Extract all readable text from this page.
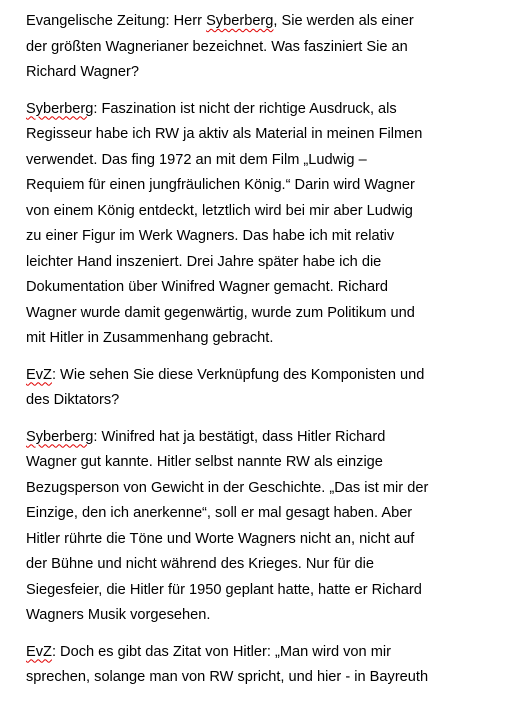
Evangelische Zeitung: Herr Syberberg, Sie werden als einer
der größten Wagnerianer bezeichnet. Was fasziniert Sie an
Richard Wagner?

Syberberg: Faszination ist nicht der richtige Ausdruck, als
Regisseur habe ich RW ja aktiv als Material in meinen Filmen
verwendet. Das fing 1972 an mit dem Film „Ludwig –
Requiem für einen jungfräulichen König.“ Darin wird Wagner
von einem König entdeckt, letztlich wird bei mir aber Ludwig
zu einer Figur im Werk Wagners. Das habe ich mit relativ
leichter Hand inszeniert. Drei Jahre später habe ich die
Dokumentation über Winifred Wagner gemacht. Richard
Wagner wurde damit gegenwärtig, wurde zum Politikum und
mit Hitler in Zusammenhang gebracht.

EvZ: Wie sehen Sie diese Verknüpfung des Komponisten und
des Diktators?

Syberberg: Winifred hat ja bestätigt, dass Hitler Richard
Wagner gut kannte. Hitler selbst nannte RW als einzige
Bezugsperson von Gewicht in der Geschichte. „Das ist mir der
Einzige, den ich anerkenne“, soll er mal gesagt haben. Aber
Hitler rührte die Töne und Worte Wagners nicht an, nicht auf
der Bühne und nicht während des Krieges. Nur für die
Siegesfeier, die Hitler für 1950 geplant hatte, hatte er Richard
Wagners Musik vorgesehen.

EvZ: Doch es gibt das Zitat von Hitler: „Man wird von mir
sprechen, solange man von RW spricht, und hier - in Bayreuth
